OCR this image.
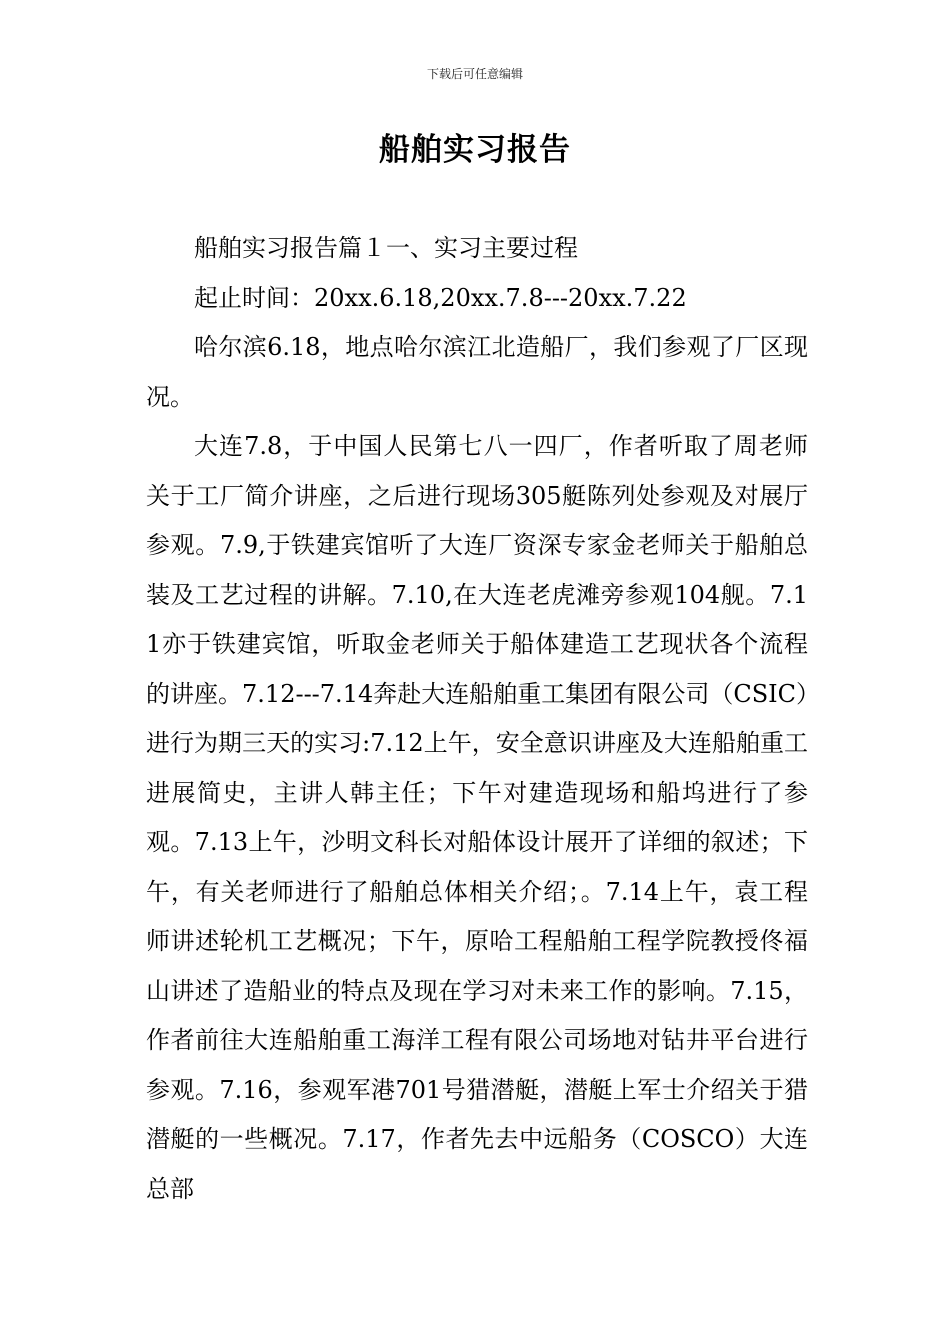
下载后可任意编辑
船舶实习报告

船舶实习报告篇１一、实习主要过程

起止时间：20xx.6.18,20xx.7.8---20xx.7.22

哈尔滨6.18，地点哈尔滨江北造船厂，我们参观了厂区现况。

大连7.8，于中国人民第七八一四厂，作者听取了周老师关于工厂简介讲座，之后进行现场305艇陈列处参观及对展厅参观。7.9,于铁建宾馆听了大连厂资深专家金老师关于船舶总装及工艺过程的讲解。7.10,在大连老虎滩旁参观104舰。7.11亦于铁建宾馆，听取金老师关于船体建造工艺现状各个流程的讲座。7.12---7.14奔赴大连船舶重工集团有限公司（CSIC）进行为期三天的实习:7.12上午，安全意识讲座及大连船舶重工进展简史，主讲人韩主任；下午对建造现场和船坞进行了参观。7.13上午，沙明文科长对船体设计展开了详细的叙述；下午，有关老师进行了船舶总体相关介绍；。7.14上午，袁工程师讲述轮机工艺概况；下午，原哈工程船舶工程学院教授佟福山讲述了造船业的特点及现在学习对未来工作的影响。7.15，作者前往大连船舶重工海洋工程有限公司场地对钻井平台进行参观。7.16，参观军港701号猎潜艇，潜艇上军士介绍关于猎潜艇的一些概况。7.17，作者先去中远船务（COSCO）大连总部
